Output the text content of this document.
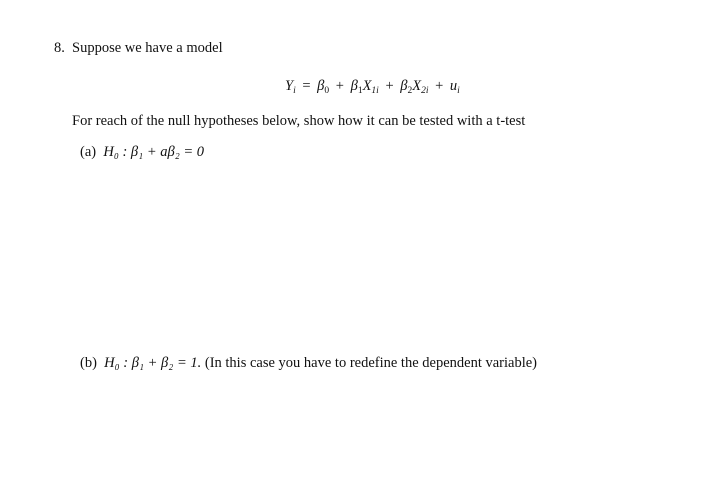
8. Suppose we have a model
$Y_i = \beta_0 + \beta_1X_{1i} + \beta_2X_{2i} + u_i$
For reach of the null hypotheses below, show how it can be tested with a t-test
(a) H₀ : β₁ + aβ₂ = 0
(b) H₀ : β₁ + β₂ = 1. (In this case you have to redefine the dependent variable)
